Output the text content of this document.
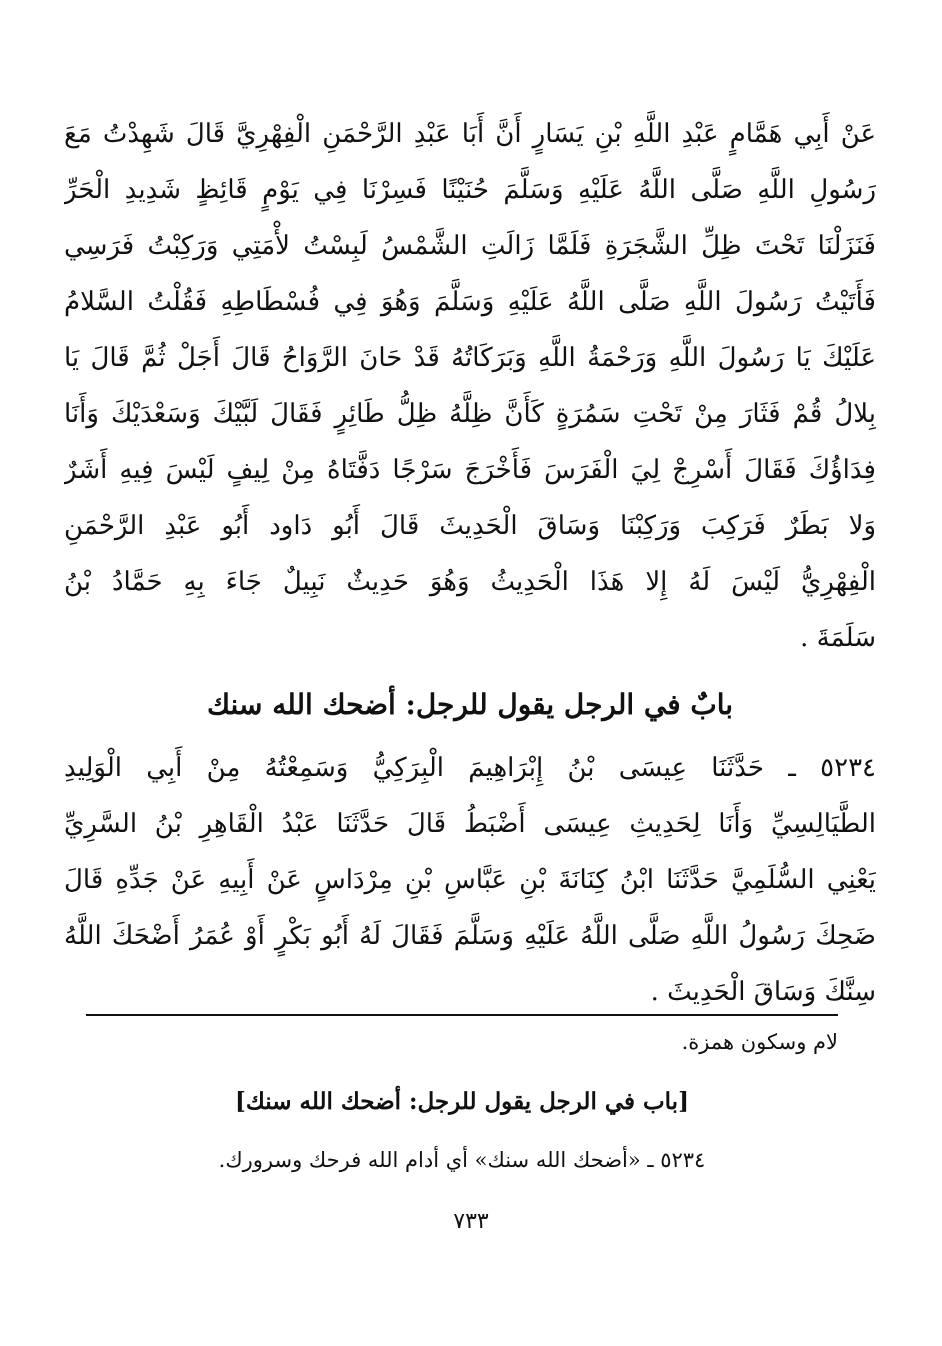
عَنْ أَبِي هَمَّامٍ عَبْدِ اللَّهِ بْنِ يَسَارٍ أَنَّ أَبَا عَبْدِ الرَّحْمَنِ الْفِهْرِيَّ قَالَ شَهِدْتُ مَعَ
رَسُولِ اللَّهِ صَلَّى اللَّهُ عَلَيْهِ وَسَلَّمَ حُنَيْنًا فَسِرْنَا فِي يَوْمٍ قَائِظٍ شَدِيدِ الْحَرِّ
فَنَزَلْنَا تَحْتَ ظِلِّ الشَّجَرَةِ فَلَمَّا زَالَتِ الشَّمْسُ لَبِسْتُ لأْمَتِي وَرَكِبْتُ فَرَسِي
فَأَتَيْتُ رَسُولَ اللَّهِ صَلَّى اللَّهُ عَلَيْهِ وَسَلَّمَ وَهُوَ فِي فُسْطَاطِهِ فَقُلْتُ السَّلامُ
عَلَيْكَ يَا رَسُولَ اللَّهِ وَرَحْمَةُ اللَّهِ وَبَرَكَاتُهُ قَدْ حَانَ الرَّوَاحُ قَالَ أَجَلْ ثُمَّ قَالَ يَا
بِلالُ قُمْ فَثَارَ مِنْ تَحْتِ سَمُرَةٍ كَأَنَّ ظِلَّهُ ظِلُّ طَائِرٍ فَقَالَ لَبَّيْكَ وَسَعْدَيْكَ وَأَنَا
فِدَاؤُكَ فَقَالَ أَسْرِجْ لِيَ الْفَرَسَ فَأَخْرَجَ سَرْجًا دَفَّتَاهُ مِنْ لِيفٍ لَيْسَ فِيهِ أَشَرٌ
وَلا بَطَرٌ فَرَكِبَ وَرَكِبْنَا وَسَاقَ الْحَدِيثَ قَالَ أَبُو دَاود أَبُو عَبْدِ الرَّحْمَنِ
الْفِهْرِيُّ لَيْسَ لَهُ إِلا هَذَا الْحَدِيثُ وَهُوَ حَدِيثٌ نَبِيلٌ جَاءَ بِهِ حَمَّادُ بْنُ
سَلَمَةَ .
بابٌ في الرجل يقول للرجل: أضحك الله سنك
٥٢٣٤ ـ حَدَّثَنَا عِيسَى بْنُ إِبْرَاهِيمَ الْبِرَكِيُّ وَسَمِعْتُهُ مِنْ أَبِي الْوَلِيدِ
الطَّيَالِسِيِّ وَأَنَا لِحَدِيثِ عِيسَى أَضْبَطُ قَالَ حَدَّثَنَا عَبْدُ الْقَاهِرِ بْنُ السَّرِيِّ
يَعْنِي السُّلَمِيَّ حَدَّثَنَا ابْنُ كِنَانَةَ بْنِ عَبَّاسِ بْنِ مِرْدَاسٍ عَنْ أَبِيهِ عَنْ جَدِّهِ قَالَ
ضَحِكَ رَسُولُ اللَّهِ صَلَّى اللَّهُ عَلَيْهِ وَسَلَّمَ فَقَالَ لَهُ أَبُو بَكْرٍ أَوْ عُمَرُ أَضْحَكَ اللَّهُ
سِنَّكَ وَسَاقَ الْحَدِيثَ .
لام وسكون همزة.
[باب في الرجل يقول للرجل: أضحك الله سنك]
٥٢٣٤ ـ «أضحك الله سنك» أي أدام الله فرحك وسرورك.
٧٣٣
